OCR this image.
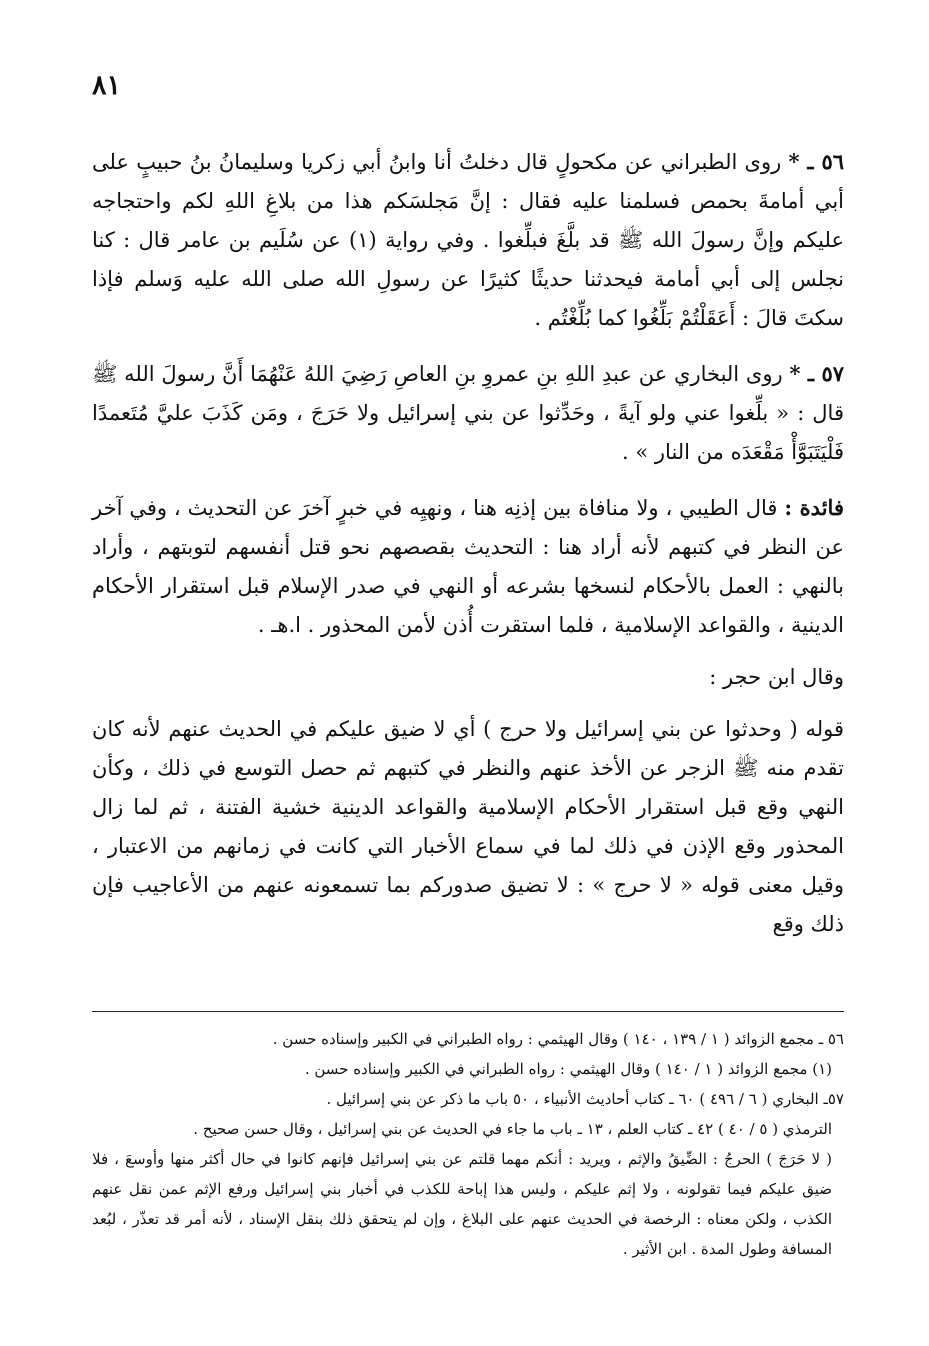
٨١

٥٦ ـ * روى الطبراني عن مكحولٍ قال دخلتُ أنا وابنُ أبي زكريا وسليمانُ بنُ حبيبٍ على أبي أمامةَ بحمص فسلمنا عليه فقال : إنَّ مَجلسَكم هذا من بلاغِ اللهِ لكم واحتجاجه عليكم وإنَّ رسولَ الله ﷺ قد بلَّغَ فبلِّغوا . وفي رواية (١) عن سُلَيم بن عامر قال : كنا نجلس إلى أبي أمامة فيحدثنا حديثًا كثيرًا عن رسولِ الله صلى الله عليه وَسلم فإذا سكتَ قالَ : أَعَقَلْتُمْ بَلِّغُوا كما بُلِّغْتُم .

٥٧ ـ * روى البخاري عن عبدِ اللهِ بنِ عمروِ بنِ العاصِ رَضِيَ اللهُ عَنْهُمَا أَنَّ رسولَ الله ﷺ قال : « بلِّغوا عني ولو آيةً ، وحَدِّثوا عن بني إسرائيل ولا حَرَجَ ، ومَن كَذَبَ عليَّ مُتَعمدًا فَلْيَتَبَوَّأْ مَقْعَدَه من النار » .

فائدة : قال الطيبي ، ولا منافاة بين إذنِه هنا ، ونهيِه في خبرٍ آخرَ عن التحديث ، وفي آخر عن النظر في كتبهم لأنه أراد هنا : التحديث بقصصهم نحو قتل أنفسهم لتوبتهم ، وأراد بالنهي : العمل بالأحكام لنسخها بشرعه أو النهي في صدر الإسلام قبل استقرار الأحكام الدينية ، والقواعد الإسلامية ، فلما استقرت أُذن لأمن المحذور . ا.هـ .

وقال ابن حجر :

قوله ( وحدثوا عن بني إسرائيل ولا حرج ) أي لا ضيق عليكم في الحديث عنهم لأنه كان تقدم منه ﷺ الزجر عن الأخذ عنهم والنظر في كتبهم ثم حصل التوسع في ذلك ، وكأن النهي وقع قبل استقرار الأحكام الإسلامية والقواعد الدينية خشية الفتنة ، ثم لما زال المحذور وقع الإذن في ذلك لما في سماع الأخبار التي كانت في زمانهم من الاعتبار ، وقيل معنى قوله « لا حرج » : لا تضيق صدوركم بما تسمعونه عنهم من الأعاجيب فإن ذلك وقع

٥٦ ـ مجمع الزوائد ( ١ / ١٣٩ ، ١٤٠ ) وقال الهيثمي : رواه الطبراني في الكبير وإسناده حسن .

(١) مجمع الزوائد ( ١ / ١٤٠ ) وقال الهيثمي : رواه الطبراني في الكبير وإسناده حسن .

٥٧ـ البخاري ( ٦ / ٤٩٦ ) ٦٠ ـ كتاب أحاديث الأنبياء ، ٥٠ باب ما ذكر عن بني إسرائيل .

الترمذي ( ٥ / ٤٠ ) ٤٢ ـ كتاب العلم ، ١٣ ـ باب ما جاء في الحديث عن بني إسرائيل ، وقال حسن صحيح .

( لا حَرَجَ ) الحرجُ : الضِّيقُ والإثم ، ويريد : أنكم مهما قلتم عن بني إسرائيل فإنهم كانوا في حال أكثر منها وأوسعَ ، فلا ضيق عليكم فيما تقولونه ، ولا إثم عليكم ، وليس هذا إباحة للكذب في أخبار بني إسرائيل ورفع الإثم عمن نقل عنهم الكذب ، ولكن معناه : الرخصة في الحديث عنهم على البلاغ ، وإن لم يتحقق ذلك بنقل الإسناد ، لأنه أمر قد تعذّر ، لبُعد المسافة وطول المدة . ابن الأثير .
